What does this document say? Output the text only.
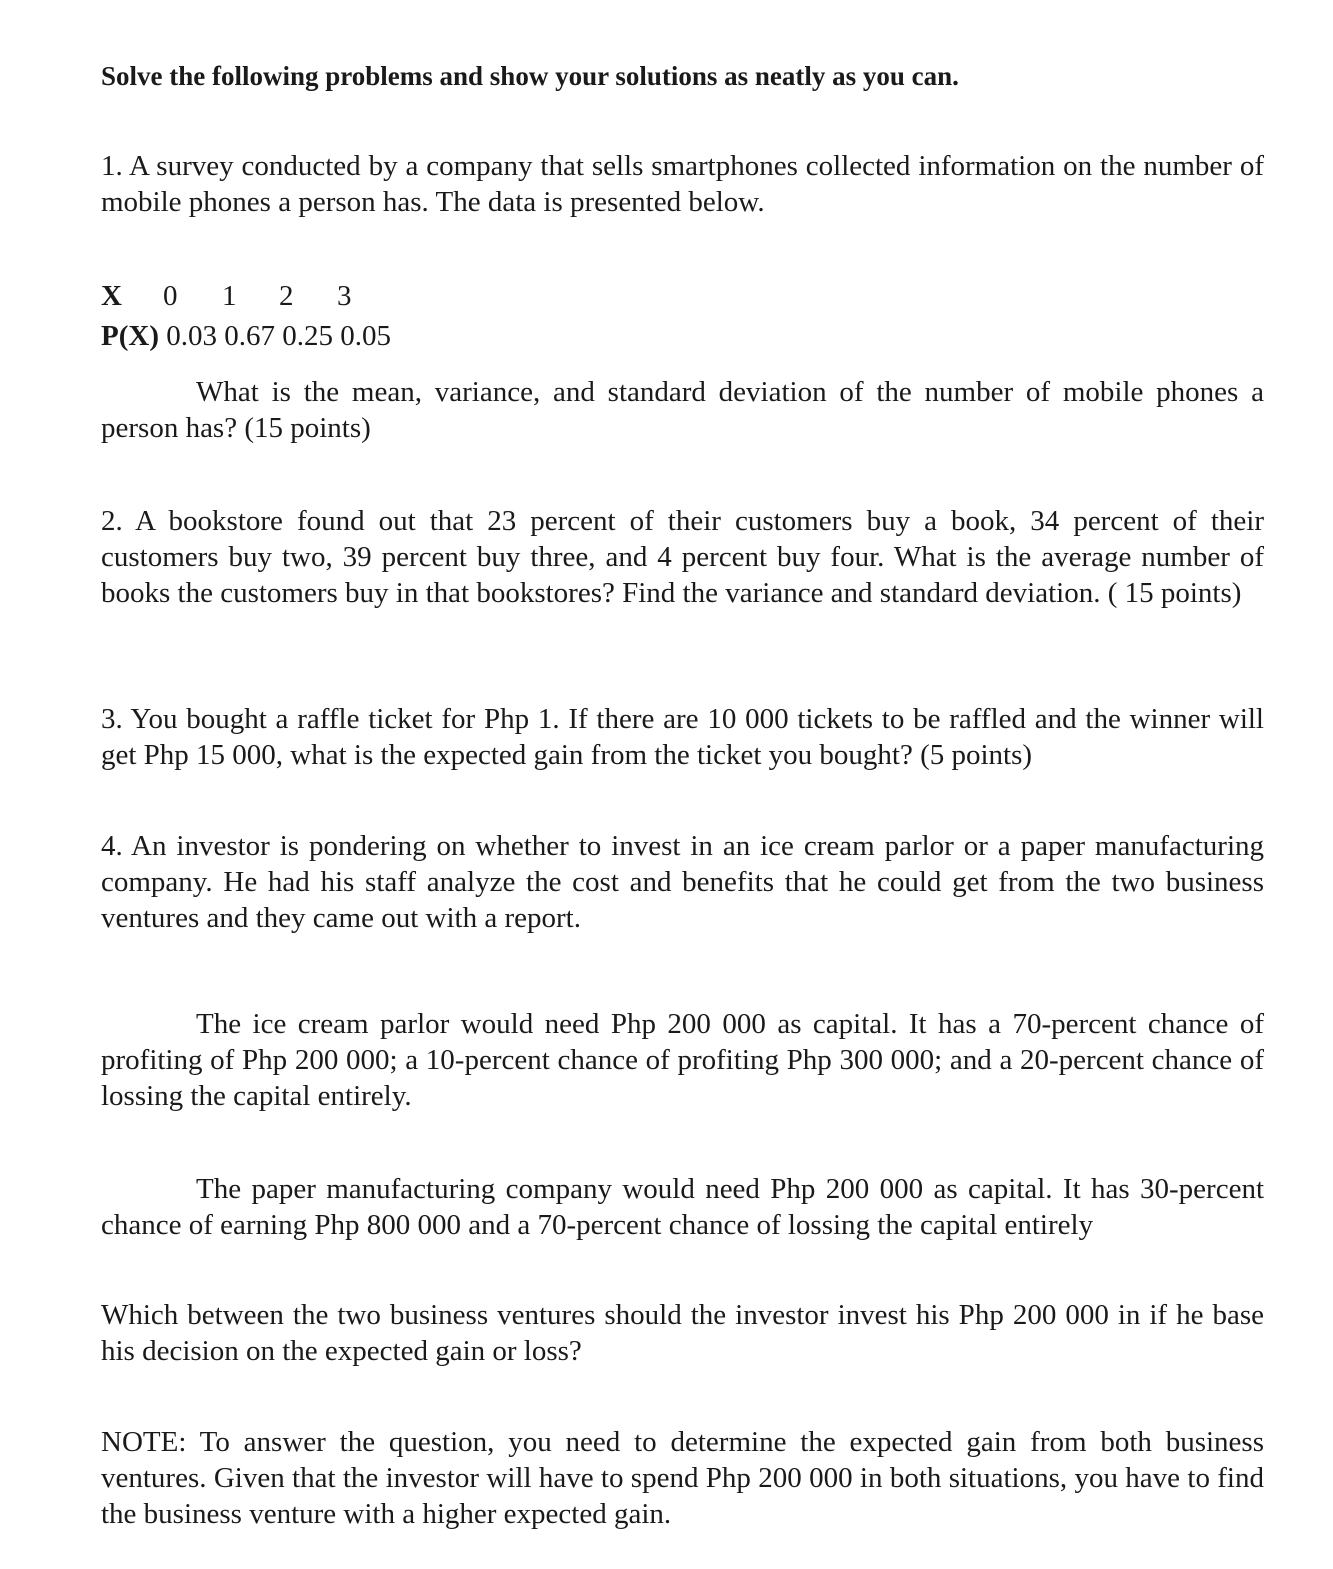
Solve the following problems and show your solutions as neatly as you can.
1. A survey conducted by a company that sells smartphones collected information on the number of mobile phones a person has. The data is presented below.
X 0 1 2 3
P(X) 0.03 0.67 0.25 0.05
What is the mean, variance, and standard deviation of the number of mobile phones a person has? (15 points)
2. A bookstore found out that 23 percent of their customers buy a book, 34 percent of their customers buy two, 39 percent buy three, and 4 percent buy four. What is the average number of books the customers buy in that bookstores? Find the variance and standard deviation. ( 15 points)
3. You bought a raffle ticket for Php 1. If there are 10 000 tickets to be raffled and the winner will get Php 15 000, what is the expected gain from the ticket you bought? (5 points)
4. An investor is pondering on whether to invest in an ice cream parlor or a paper manufacturing company. He had his staff analyze the cost and benefits that he could get from the two business ventures and they came out with a report.
The ice cream parlor would need Php 200 000 as capital. It has a 70-percent chance of profiting of Php 200 000; a 10-percent chance of profiting Php 300 000; and a 20-percent chance of lossing the capital entirely.
The paper manufacturing company would need Php 200 000 as capital. It has 30-percent chance of earning Php 800 000 and a 70-percent chance of lossing the capital entirely
Which between the two business ventures should the investor invest his Php 200 000 in if he base his decision on the expected gain or loss?
NOTE: To answer the question, you need to determine the expected gain from both business ventures. Given that the investor will have to spend Php 200 000 in both situations, you have to find the business venture with a higher expected gain.
